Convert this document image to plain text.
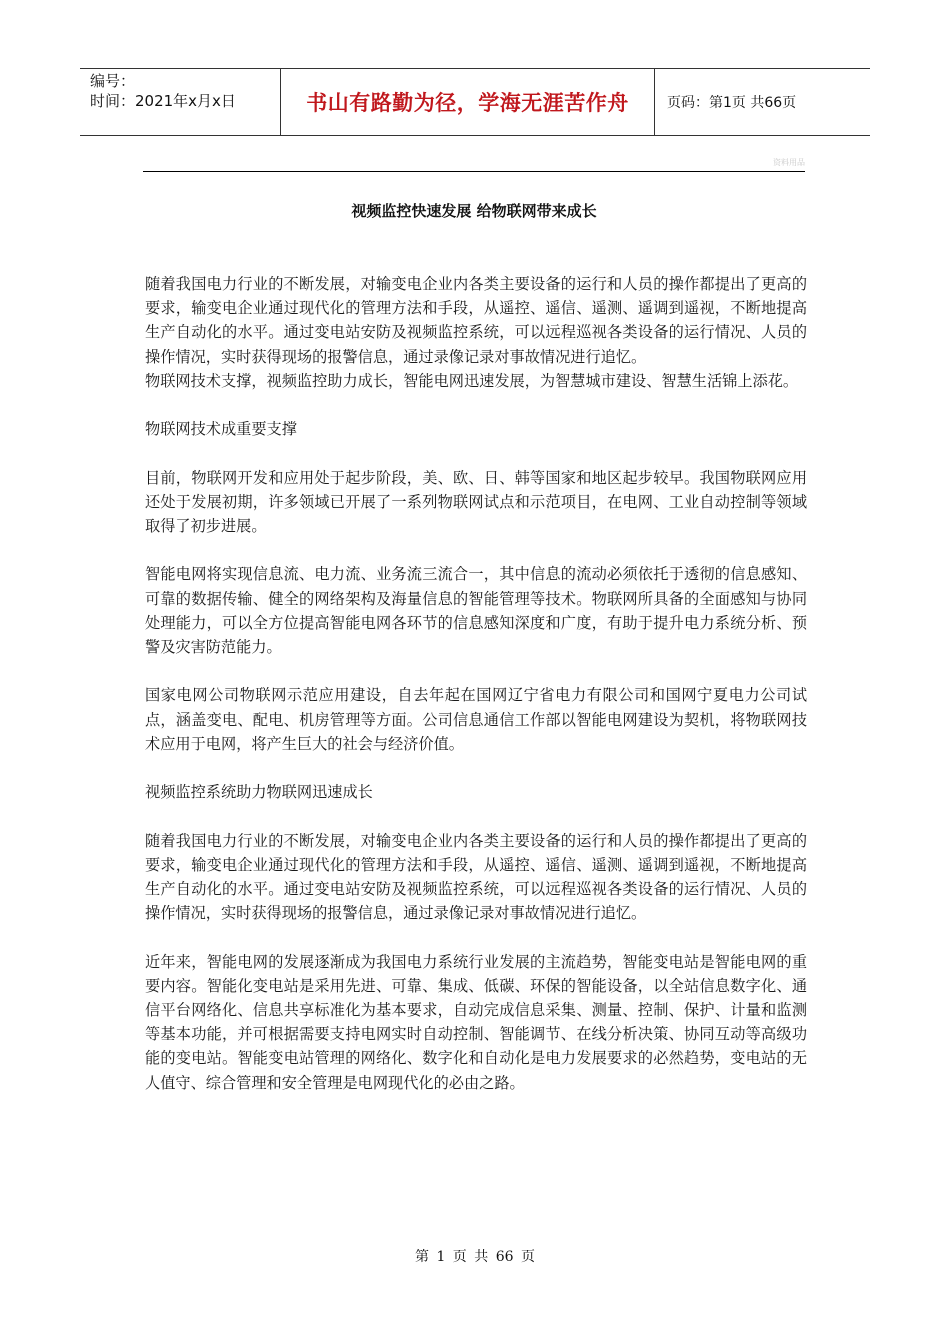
编号：
时间：2021年x月x日	书山有路勤为径，学海无涯苦作舟	页码：第1页 共66页
资料用品
视频监控快速发展 给物联网带来成长

随着我国电力行业的不断发展，对输变电企业内各类主要设备的运行和人员的操作都提出了更高的要求，输变电企业通过现代化的管理方法和手段，从遥控、遥信、遥测、遥调到遥视，不断地提高生产自动化的水平。通过变电站安防及视频监控系统，可以远程巡视各类设备的运行情况、人员的操作情况，实时获得现场的报警信息，通过录像记录对事故情况进行追忆。

物联网技术支撑，视频监控助力成长，智能电网迅速发展，为智慧城市建设、智慧生活锦上添花。

物联网技术成重要支撑

目前，物联网开发和应用处于起步阶段，美、欧、日、韩等国家和地区起步较早。我国物联网应用还处于发展初期，许多领域已开展了一系列物联网试点和示范项目，在电网、工业自动控制等领域取得了初步进展。

智能电网将实现信息流、电力流、业务流三流合一，其中信息的流动必须依托于透彻的信息感知、可靠的数据传输、健全的网络架构及海量信息的智能管理等技术。物联网所具备的全面感知与协同处理能力，可以全方位提高智能电网各环节的信息感知深度和广度，有助于提升电力系统分析、预警及灾害防范能力。

国家电网公司物联网示范应用建设，自去年起在国网辽宁省电力有限公司和国网宁夏电力公司试点，涵盖变电、配电、机房管理等方面。公司信息通信工作部以智能电网建设为契机，将物联网技术应用于电网，将产生巨大的社会与经济价值。

视频监控系统助力物联网迅速成长

随着我国电力行业的不断发展，对输变电企业内各类主要设备的运行和人员的操作都提出了更高的要求，输变电企业通过现代化的管理方法和手段，从遥控、遥信、遥测、遥调到遥视，不断地提高生产自动化的水平。通过变电站安防及视频监控系统，可以远程巡视各类设备的运行情况、人员的操作情况，实时获得现场的报警信息，通过录像记录对事故情况进行追忆。

近年来，智能电网的发展逐渐成为我国电力系统行业发展的主流趋势，智能变电站是智能电网的重要内容。智能化变电站是采用先进、可靠、集成、低碳、环保的智能设备，以全站信息数字化、通信平台网络化、信息共享标准化为基本要求，自动完成信息采集、测量、控制、保护、计量和监测等基本功能，并可根据需要支持电网实时自动控制、智能调节、在线分析决策、协同互动等高级功能的变电站。智能变电站管理的网络化、数字化和自动化是电力发展要求的必然趋势，变电站的无人值守、综合管理和安全管理是电网现代化的必由之路。

第 1 页 共 66 页
